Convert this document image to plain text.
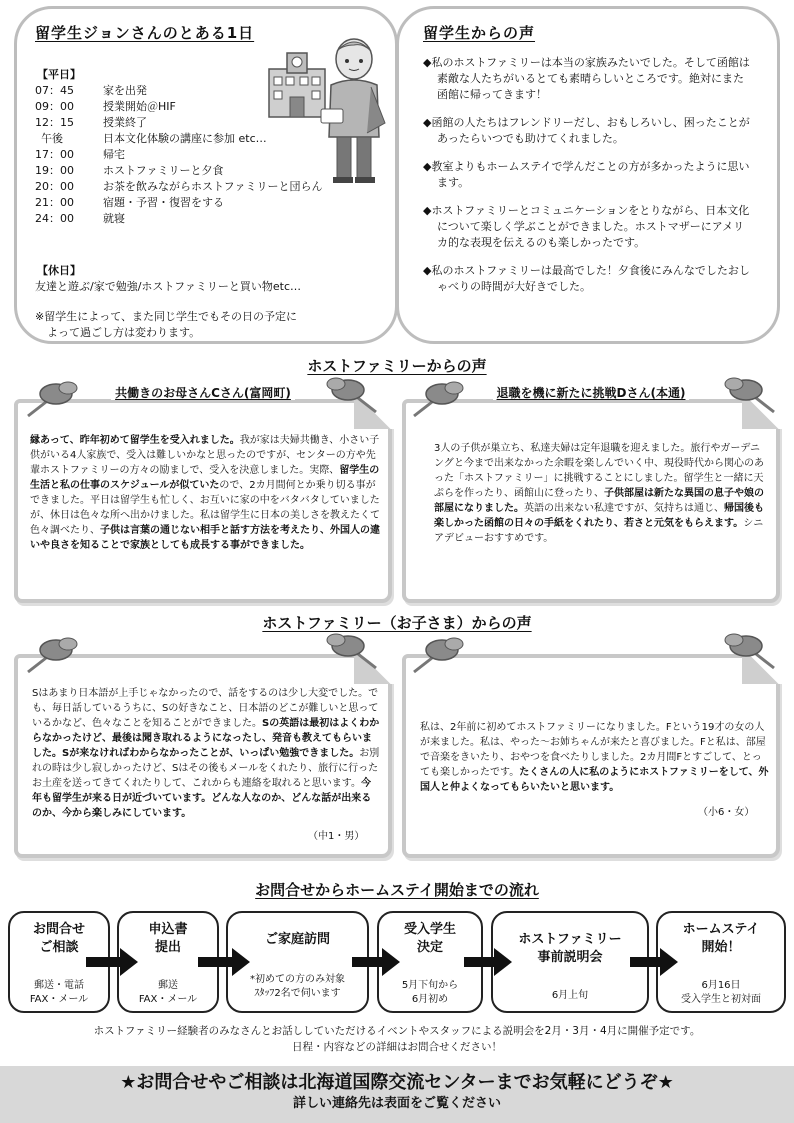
留学生ジョンさんのとある1日
【平日】
07：45	家を出発
09：00	授業開始＠HIF
12：15	授業終了
午後	日本文化体験の講座に参加 etc…
17：00	帰宅
19：00	ホストファミリーと夕食
20：00	お茶を飲みながらホストファミリーと団らん
21：00	宿題・予習・復習をする
24：00	就寝
【休日】
友達と遊ぶ/家で勉強/ホストファミリーと買い物etc…
※留学生によって、また同じ学生でもその日の予定に
よって過ごし方は変わります。
留学生からの声
◆私のホストファミリーは本当の家族みたいでした。そして函館は素敵な人たちがいるとても素晴らしいところです。絶対にまた函館に帰ってきます！
◆函館の人たちはフレンドリーだし、おもしろいし、困ったことがあったらいつでも助けてくれました。
◆教室よりもホームステイで学んだことの方が多かったように思います。
◆ホストファミリーとコミュニケーションをとりながら、日本文化について楽しく学ぶことができました。ホストマザーにアメリカ的な表現を伝えるのも楽しかったです。
◆私のホストファミリーは最高でした！夕食後にみんなでしたおしゃべりの時間が大好きでした。
ホストファミリーからの声
共働きのお母さんCさん(富岡町)
縁あって、昨年初めて留学生を受入れました。我が家は夫婦共働き、小さい子供がいる4人家族で、受入は難しいかなと思ったのですが、センターの方や先輩ホストファミリーの方々の励ましで、受入を決意しました。実際、留学生の生活と私の仕事のスケジュールが似ていたので、2カ月間何とか乗り切る事ができました。平日は留学生も忙しく、お互いに家の中をバタバタしていましたが、休日は色々な所へ出かけました。私は留学生に日本の美しさを教えたくて色々調べたり、子供は言葉の通じない相手と話す方法を考えたり、外国人の違いや良さを知ることで家族としても成長する事ができました。
退職を機に新たに挑戦Dさん(本通)
3人の子供が巣立ち、私達夫婦は定年退職を迎えました。旅行やガーデニングと今まで出来なかった余暇を楽しんでいく中、現役時代から関心のあった「ホストファミリー」に挑戦することにしました。留学生と一緒に天ぷらを作ったり、函館山に登ったり、子供部屋は新たな異国の息子や娘の部屋になりました。英語の出来ない私達ですが、気持ちは通じ、帰国後も楽しかった函館の日々の手紙をくれたり、若さと元気をもらえます。シニアデビューおすすめです。
ホストファミリー（お子さま）からの声
Sはあまり日本語が上手じゃなかったので、話をするのは少し大変でした。でも、毎日話しているうちに、Sの好きなこと、日本語のどこが難しいと思っているかなど、色々なことを知ることができました。Sの英語は最初はよくわからなかったけど、最後は聞き取れるようになったし、発音も教えてもらいました。Sが来なければわからなかったことが、いっぱい勉強できました。お別れの時は少し寂しかったけど、Sはその後もメールをくれたり、旅行に行ったお土産を送ってきてくれたりして、これからも連絡を取れると思います。今年も留学生が来る日が近づいています。どんな人なのか、どんな話が出来るのか、今から楽しみにしています。
（中1・男）
私は、2年前に初めてホストファミリーになりました。Fという19才の女の人が来ました。私は、やった～お姉ちゃんが来たと喜びました。Fと私は、部屋で音楽をきいたり、おやつを食べたりしました。2カ月間Fとすごして、とっても楽しかったです。たくさんの人に私のようにホストファミリーをして、外国人と仲よくなってもらいたいと思います。
（小6・女）
お問合せからホームステイ開始までの流れ
お問合せ
ご相談
郵送・電話
FAX・メール
申込書
提出
郵送
FAX・メール
ご家庭訪問
*初めての方のみ対象
ｽﾀｯﾌ2名で伺います
受入学生
決定
5月下旬から
6月初め
ホストファミリー
事前説明会
6月上旬
ホームステイ
開始！
6月16日
受入学生と初対面
ホストファミリー経験者のみなさんとお話ししていただけるイベントやスタッフによる説明会を2月・3月・4月に開催予定です。
日程・内容などの詳細はお問合せください！
★お問合せやご相談は北海道国際交流センターまでお気軽にどうぞ★
詳しい連絡先は表面をご覧ください
